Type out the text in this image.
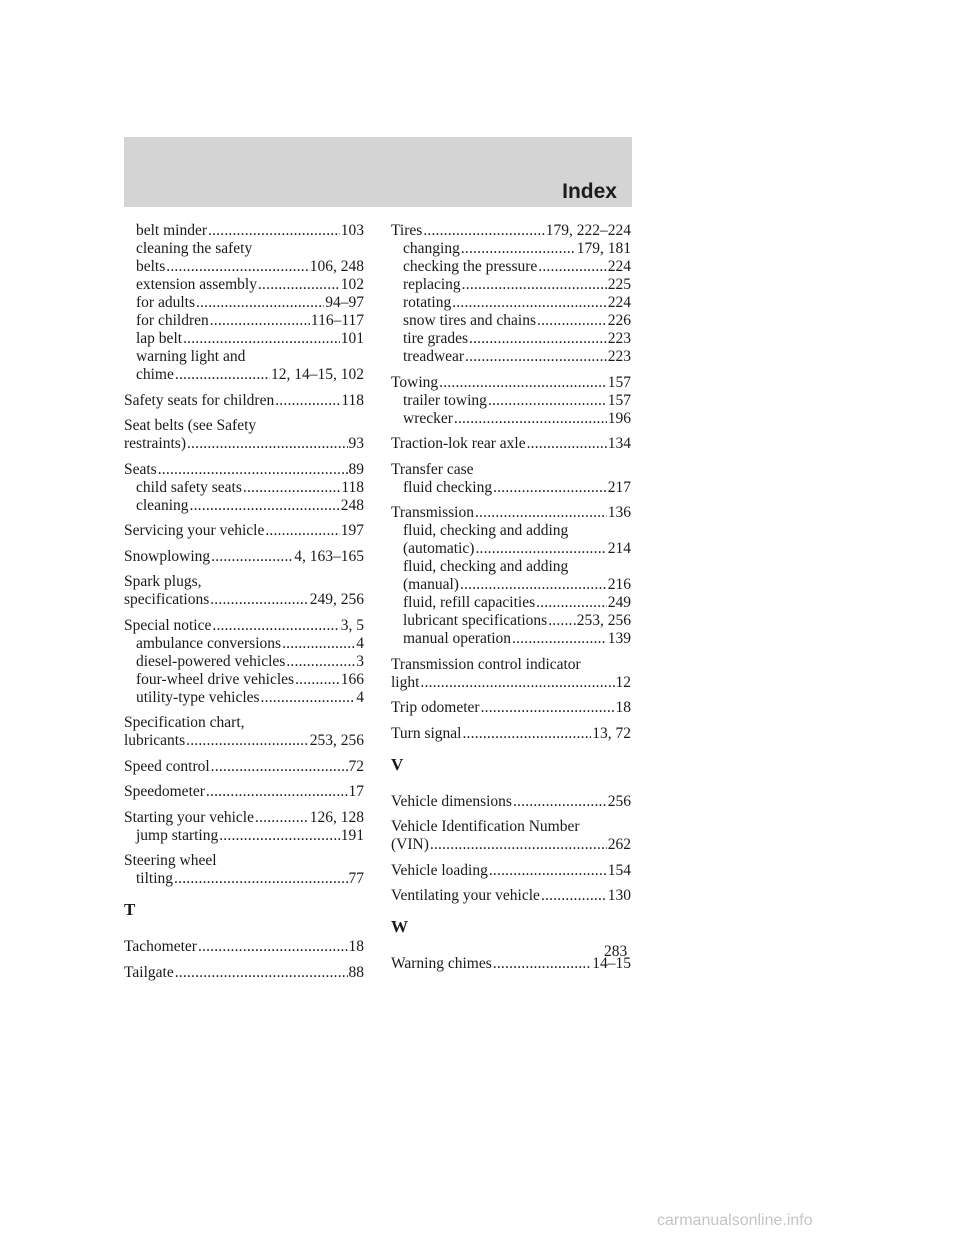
Index
belt minder .....	103
cleaning the safety
belts .....	106, 248
extension assembly .....	102
for adults .....	94–97
for children .....	116–117
lap belt .....	101
warning light and
chime .....	12, 14–15, 102
Safety seats for children .....	118
Seat belts (see Safety
restraints) .....	93
Seats .....	89
child safety seats .....	118
cleaning .....	248
Servicing your vehicle .....	197
Snowplowing .....	4, 163–165
Spark plugs,
specifications .....	249, 256
Special notice .....	3, 5
ambulance conversions .....	4
diesel-powered vehicles .....	3
four-wheel drive vehicles .....	166
utility-type vehicles .....	4
Specification chart,
lubricants .....	253, 256
Speed control .....	72
Speedometer .....	17
Starting your vehicle .....	126, 128
jump starting .....	191
Steering wheel
tilting .....	77
T
Tachometer .....	18
Tailgate .....	88
Tires .....	179, 222–224
changing .....	179, 181
checking the pressure .....	224
replacing .....	225
rotating .....	224
snow tires and chains .....	226
tire grades .....	223
treadwear .....	223
Towing .....	157
trailer towing .....	157
wrecker .....	196
Traction-lok rear axle .....	134
Transfer case
fluid checking .....	217
Transmission .....	136
fluid, checking and adding
(automatic) .....	214
fluid, checking and adding
(manual) .....	216
fluid, refill capacities .....	249
lubricant specifications ..... .253, 256
manual operation .....	139
Transmission control indicator
light .....	12
Trip odometer .....	18
Turn signal .....	13, 72
V
Vehicle dimensions .....	256
Vehicle Identification Number
(VIN) .....	262
Vehicle loading .....	154
Ventilating your vehicle .....	130
W
Warning chimes .....	14–15
283
carmanualsonline.info
